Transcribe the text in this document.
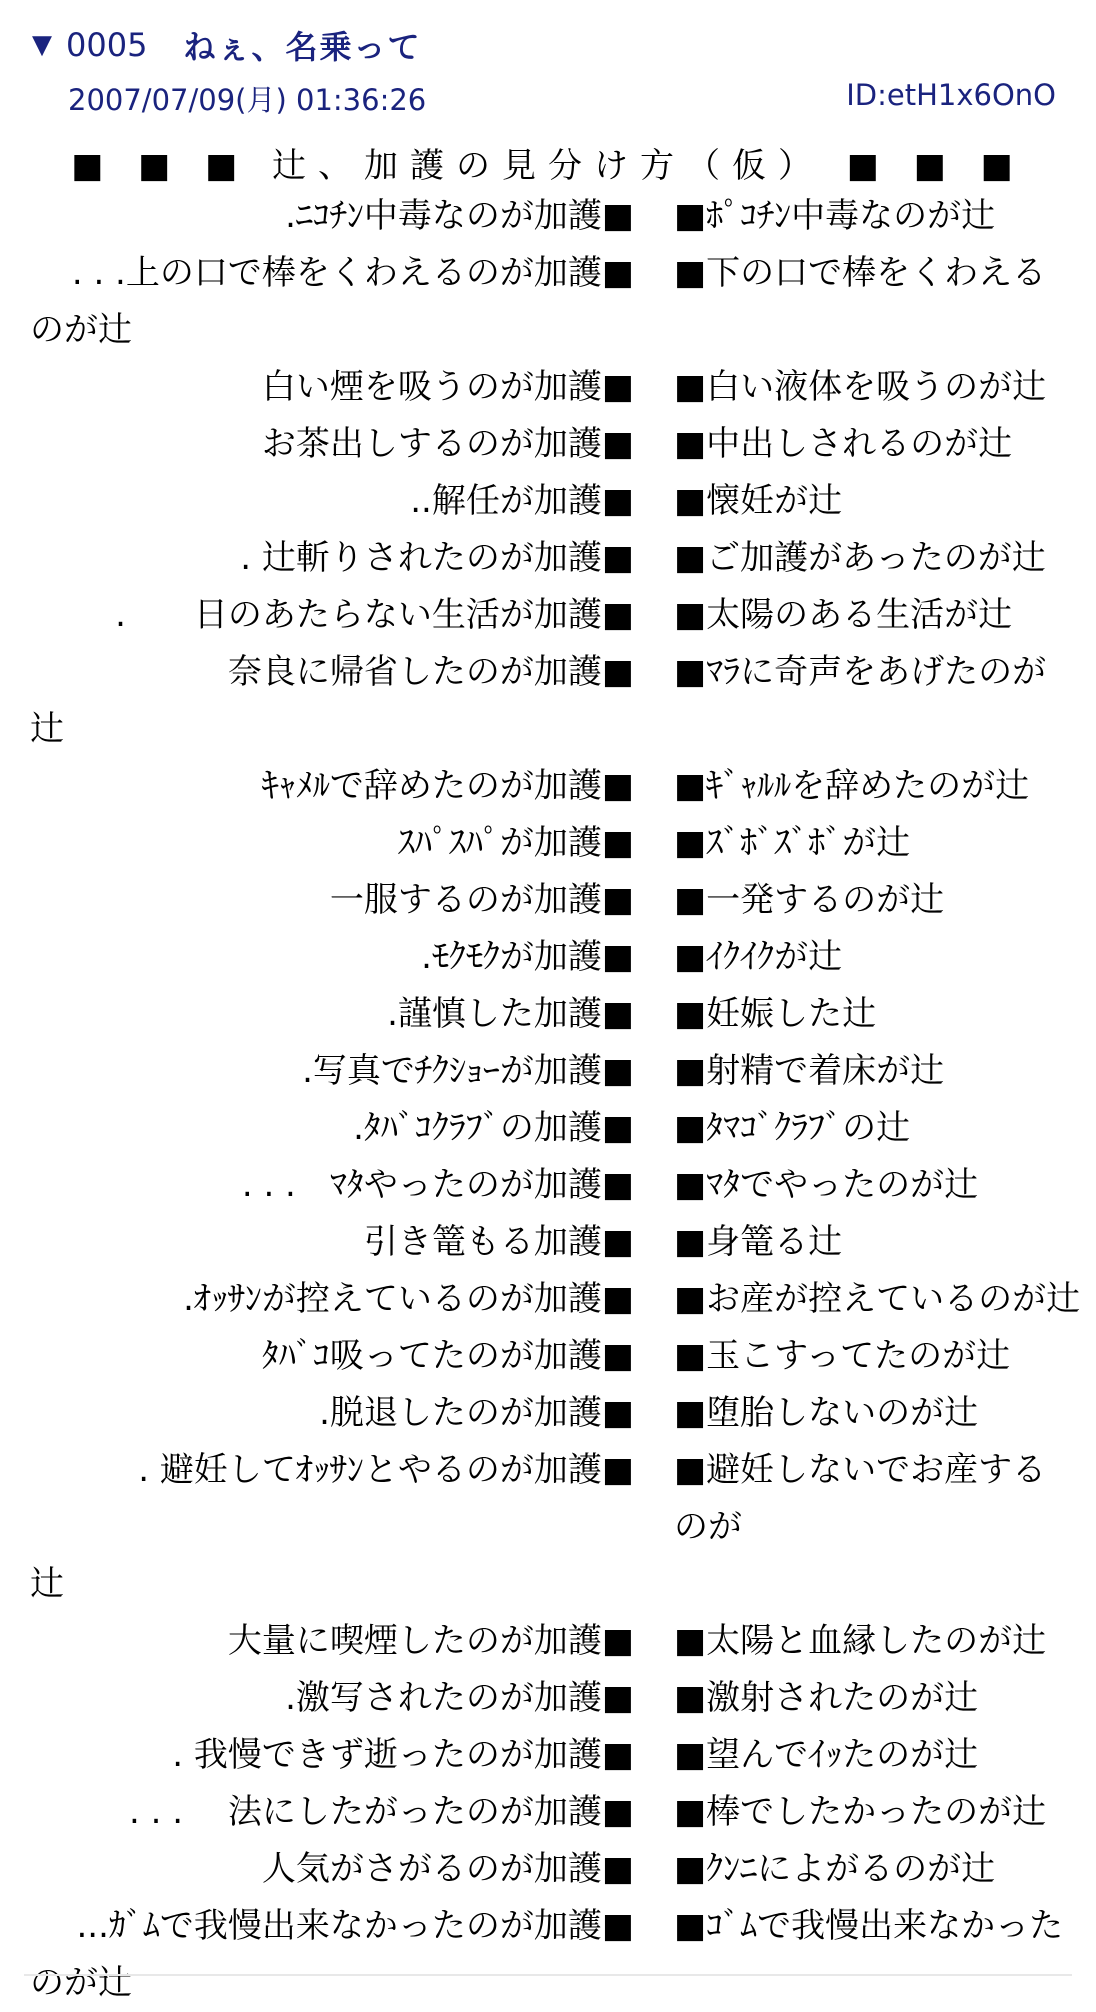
▼ 0005 ねぇ、名乗って
2007/07/09(月) 01:36:26	ID:etH1x6OnO
■ ■ ■ 辻、加護の見分け方（仮） ■ ■ ■
.ﾆｺﾁﾝ中毒なのが加護■	■ﾎﾟｺﾁﾝ中毒なのが辻
. . .上の口で棒をくわえるのが加護■	■下の口で棒をくわえる
のが辻
白い煙を吸うのが加護■	■白い液体を吸うのが辻
お茶出しするのが加護■	■中出しされるのが辻
..解任が加護■	■懐妊が辻
. 辻斬りされたのが加護■	■ご加護があったのが辻
.　　日のあたらない生活が加護■	■太陽のある生活が辻
奈良に帰省したのが加護■	■ﾏﾗに奇声をあげたのが
辻
ｷｬﾒﾙで辞めたのが加護■	■ｷﾞｬﾙﾙを辞めたのが辻
ｽﾊﾟｽﾊﾟが加護■	■ｽﾞﾎﾞｽﾞﾎﾞが辻
一服するのが加護■	■一発するのが辻
.ﾓｸﾓｸが加護■	■ｲｸｲｸが辻
.謹慎した加護■	■妊娠した辻
.写真でﾁｸｼｮｰが加護■	■射精で着床が辻
.ﾀﾊﾞｺｸﾗﾌﾞの加護■	■ﾀﾏｺﾞｸﾗﾌﾞの辻
. . .　ﾏﾀやったのが加護■	■ﾏﾀでやったのが辻
引き篭もる加護■	■身篭る辻
.ｵｯｻﾝが控えているのが加護■	■お産が控えているのが辻
ﾀﾊﾞｺ吸ってたのが加護■	■玉こすってたのが辻
.脱退したのが加護■	■堕胎しないのが辻
. 避妊してｵｯｻﾝとやるのが加護■	■避妊しないでお産するのが
辻
大量に喫煙したのが加護■	■太陽と血縁したのが辻
.激写されたのが加護■	■激射されたのが辻
. 我慢できず逝ったのが加護■	■望んでｲｯたのが辻
. . .　 法にしたがったのが加護■	■棒でしたかったのが辻
人気がさがるのが加護■	■ｸﾝﾆによがるのが辻
...ｶﾞﾑで我慢出来なかったのが加護■	■ｺﾞﾑで我慢出来なかった
のが辻
